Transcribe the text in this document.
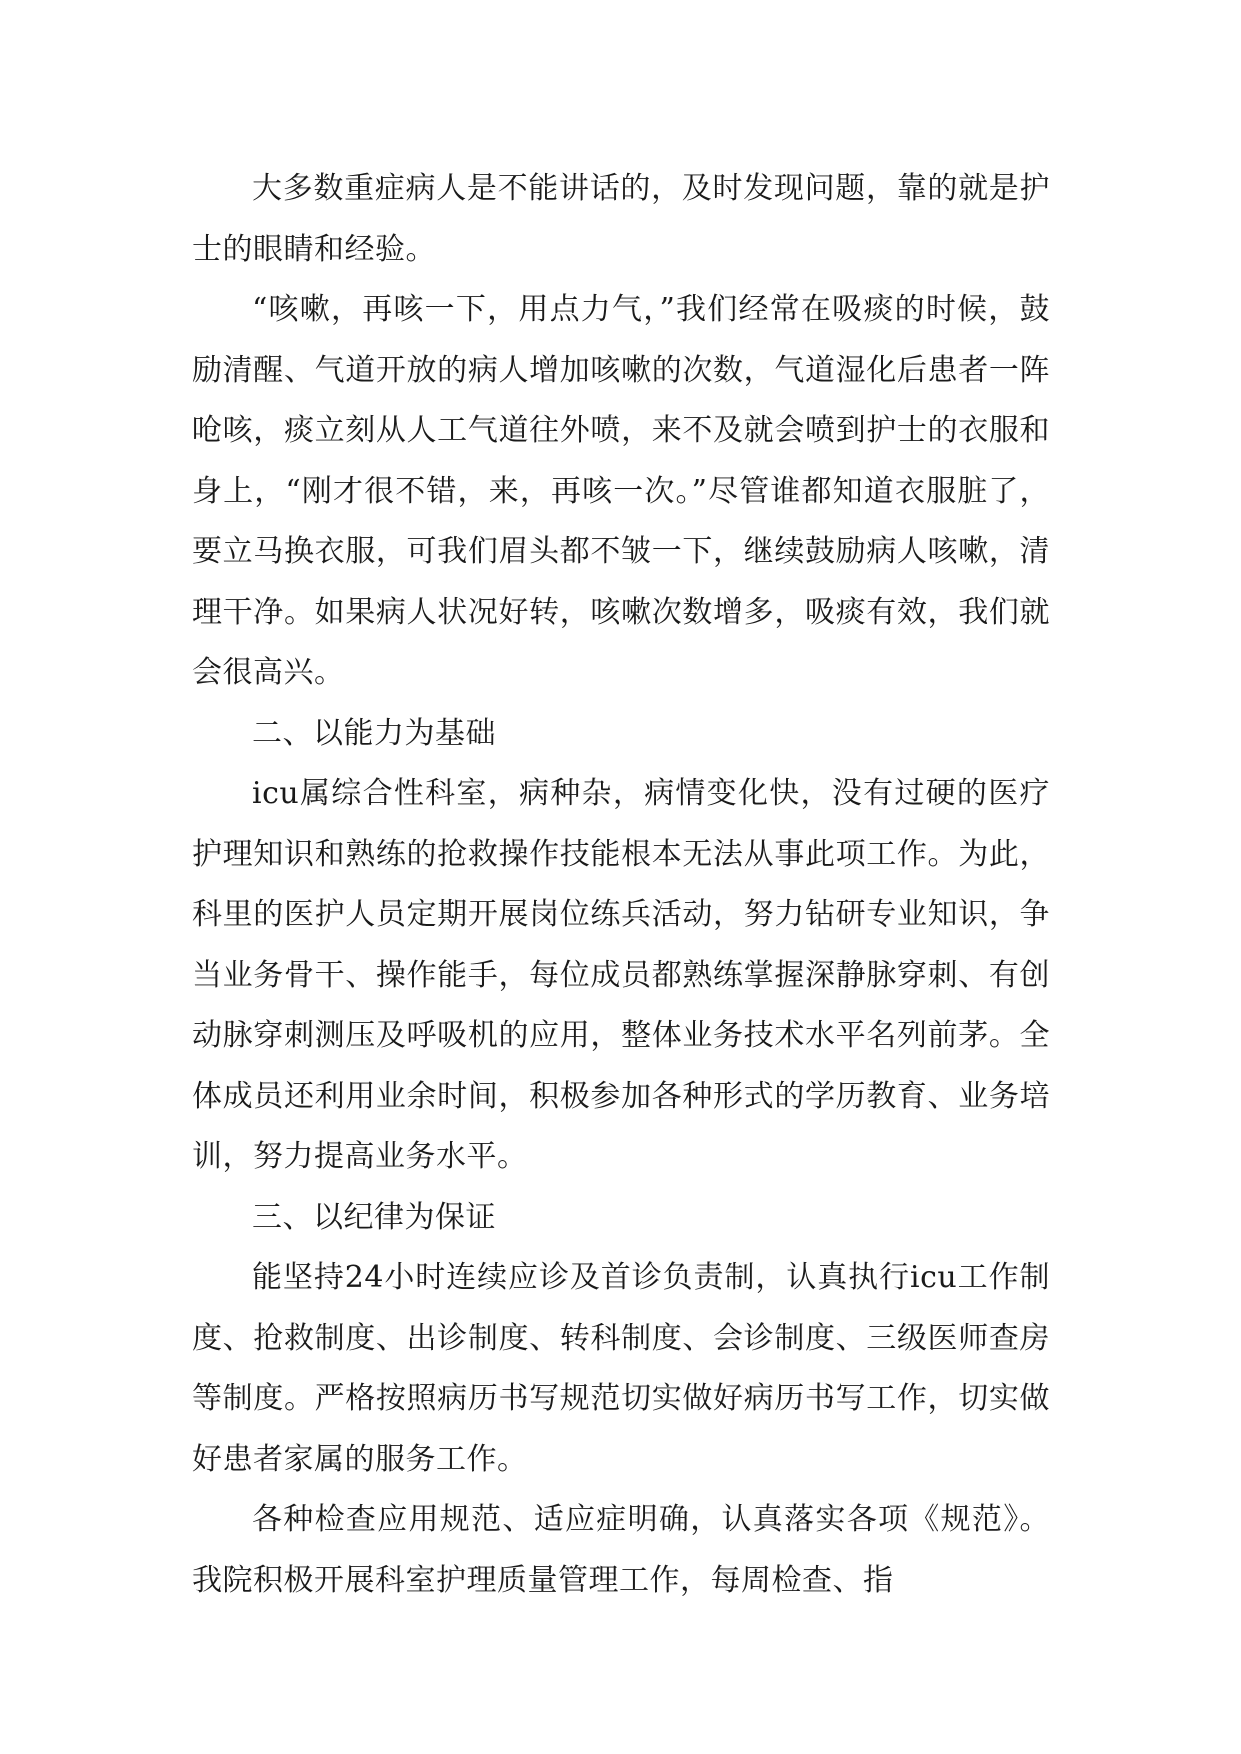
大多数重症病人是不能讲话的，及时发现问题，靠的就是护士的眼睛和经验。

“咳嗽，再咳一下，用点力气，”我们经常在吸痰的时候，鼓励清醒、气道开放的病人增加咳嗽的次数，气道湿化后患者一阵呛咳，痰立刻从人工气道往外喷，来不及就会喷到护士的衣服和身上，“刚才很不错，来，再咳一次。”尽管谁都知道衣服脏了，要立马换衣服，可我们眉头都不皱一下，继续鼓励病人咳嗽，清理干净。如果病人状况好转，咳嗽次数增多，吸痰有效，我们就会很高兴。

二、以能力为基础

icu属综合性科室，病种杂，病情变化快，没有过硬的医疗护理知识和熟练的抢救操作技能根本无法从事此项工作。为此，科里的医护人员定期开展岗位练兵活动，努力钻研专业知识，争当业务骨干、操作能手，每位成员都熟练掌握深静脉穿刺、有创动脉穿刺测压及呼吸机的应用，整体业务技术水平名列前茅。全体成员还利用业余时间，积极参加各种形式的学历教育、业务培训，努力提高业务水平。

三、以纪律为保证

能坚持24小时连续应诊及首诊负责制，认真执行icu工作制度、抢救制度、出诊制度、转科制度、会诊制度、三级医师查房等制度。严格按照病历书写规范切实做好病历书写工作，切实做好患者家属的服务工作。

各种检查应用规范、适应症明确，认真落实各项《规范》。我院积极开展科室护理质量管理工作，每周检查、指
